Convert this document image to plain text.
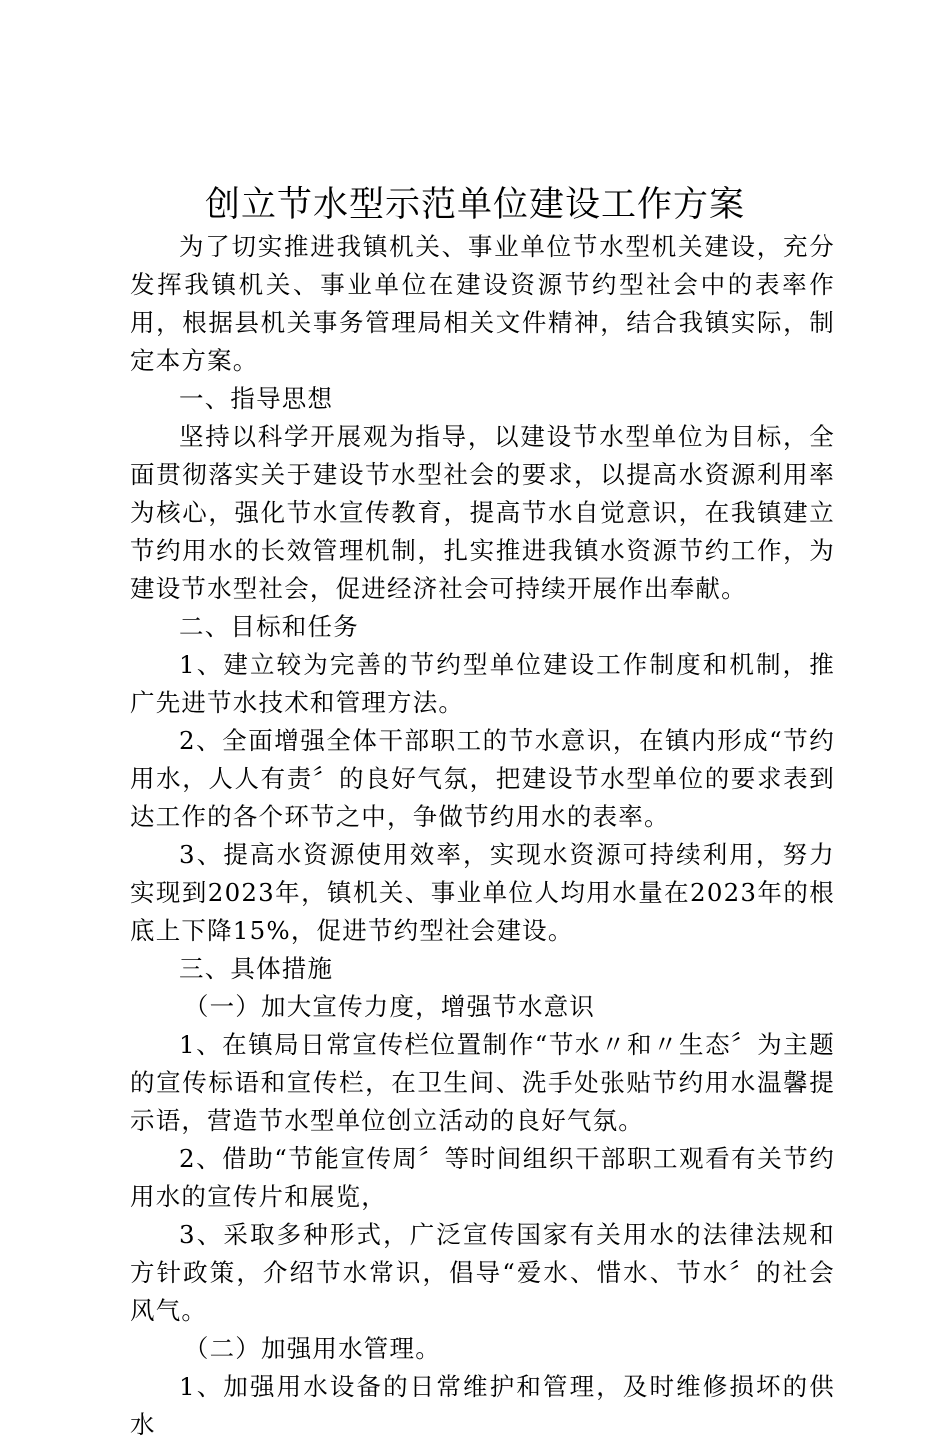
创立节水型示范单位建设工作方案

为了切实推进我镇机关、事业单位节水型机关建设，充分发挥我镇机关、事业单位在建设资源节约型社会中的表率作用，根据县机关事务管理局相关文件精神，结合我镇实际，制定本方案。

一、指导思想

坚持以科学开展观为指导，以建设节水型单位为目标，全面贯彻落实关于建设节水型社会的要求，以提高水资源利用率为核心，强化节水宣传教育，提高节水自觉意识，在我镇建立节约用水的长效管理机制，扎实推进我镇水资源节约工作，为建设节水型社会，促进经济社会可持续开展作出奉献。

二、目标和任务

1、建立较为完善的节约型单位建设工作制度和机制，推广先进节水技术和管理方法。

2、全面增强全体干部职工的节水意识，在镇内形成“节约用水，人人有责〞的良好气氛，把建设节水型单位的要求表到达工作的各个环节之中，争做节约用水的表率。

3、提高水资源使用效率，实现水资源可持续利用，努力实现到2023年，镇机关、事业单位人均用水量在2023年的根底上下降15%，促进节约型社会建设。

三、具体措施

（一）加大宣传力度，增强节水意识

1、在镇局日常宣传栏位置制作“节水〃和〃生态〞为主题的宣传标语和宣传栏，在卫生间、洗手处张贴节约用水温馨提示语，营造节水型单位创立活动的良好气氛。

2、借助“节能宣传周〞等时间组织干部职工观看有关节约用水的宣传片和展览，

3、采取多种形式，广泛宣传国家有关用水的法律法规和方针政策，介绍节水常识，倡导“爱水、惜水、节水〞的社会风气。

（二）加强用水管理。

1、加强用水设备的日常维护和管理，及时维修损坏的供水
